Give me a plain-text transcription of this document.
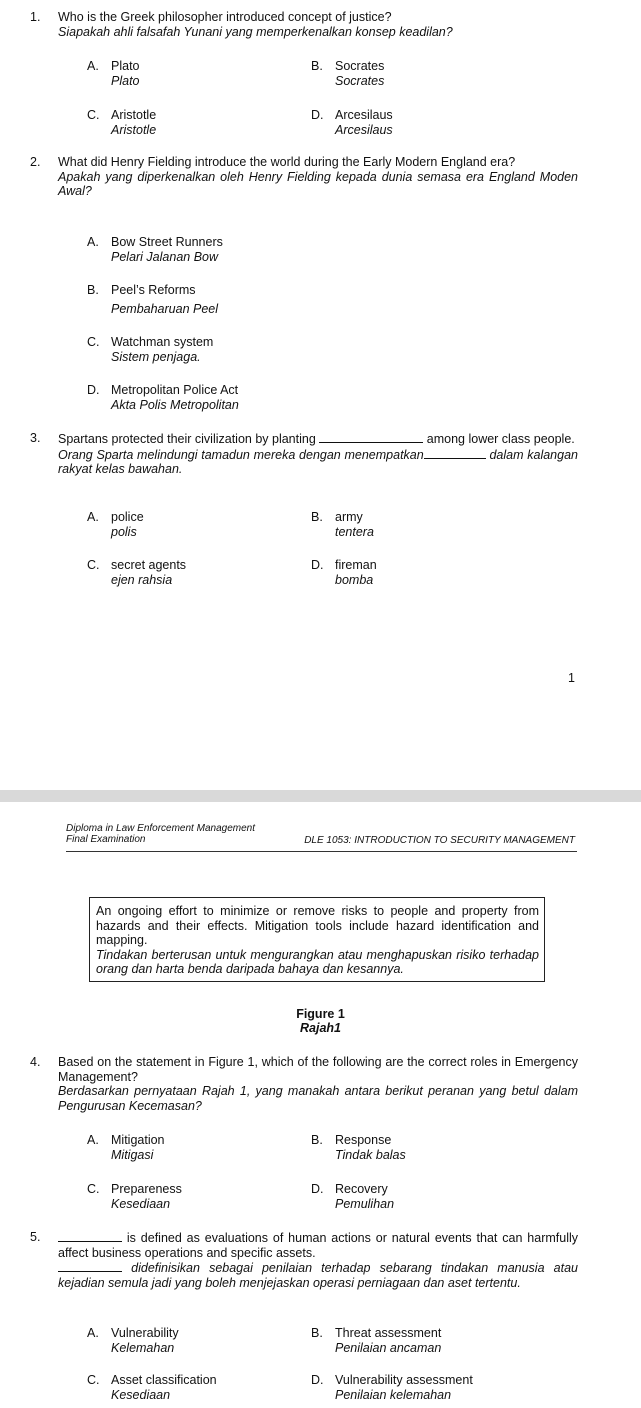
1.	Who is the Greek philosopher introduced concept of justice?
Siapakah ahli falsafah Yunani yang memperkenalkan konsep keadilan?
A. Plato
Plato
B. Socrates
Socrates
C. Aristotle
Aristotle
D. Arcesilaus
Arcesilaus
2.	What did Henry Fielding introduce the world during the Early Modern England era?
Apakah yang diperkenalkan oleh Henry Fielding kepada dunia semasa era England Moden Awal?
A. Bow Street Runners
Pelari Jalanan Bow
B. Peel’s Reforms
Pembaharuan Peel
C. Watchman system
Sistem penjaga.
D. Metropolitan Police Act
Akta Polis Metropolitan
3.	Spartans protected their civilization by planting	among lower class people.
Orang Sparta melindungi tamadun mereka dengan menempatkan	dalam kalangan rakyat kelas bawahan.
A. police
polis
B. army
tentera
C. secret agents
ejen rahsia
D. fireman
bomba
1
Diploma in Law Enforcement Management
Final Examination	DLE 1053: INTRODUCTION TO SECURITY MANAGEMENT
An ongoing effort to minimize or remove risks to people and property from hazards and their effects. Mitigation tools include hazard identification and mapping.
Tindakan berterusan untuk mengurangkan atau menghapuskan risiko terhadap orang dan harta benda daripada bahaya dan kesannya.
Figure 1
Rajah1
4.	Based on the statement in Figure 1, which of the following are the correct roles in Emergency Management?
Berdasarkan pernyataan Rajah 1, yang manakah antara berikut peranan yang betul dalam Pengurusan Kecemasan?
A. Mitigation
Mitigasi
B. Response
Tindak balas
C. Prepareness
Kesediaan
D. Recovery
Pemulihan
5.	is defined as evaluations of human actions or natural events that can harmfully affect business operations and specific assets.
didefinisikan sebagai penilaian terhadap sebarang tindakan manusia atau kejadian semula jadi yang boleh menjejaskan operasi perniagaan dan aset tertentu.
A. Vulnerability
Kelemahan
B. Threat assessment
Penilaian ancaman
C. Asset classification
Kesediaan
D. Vulnerability assessment
Penilaian kelemahan
